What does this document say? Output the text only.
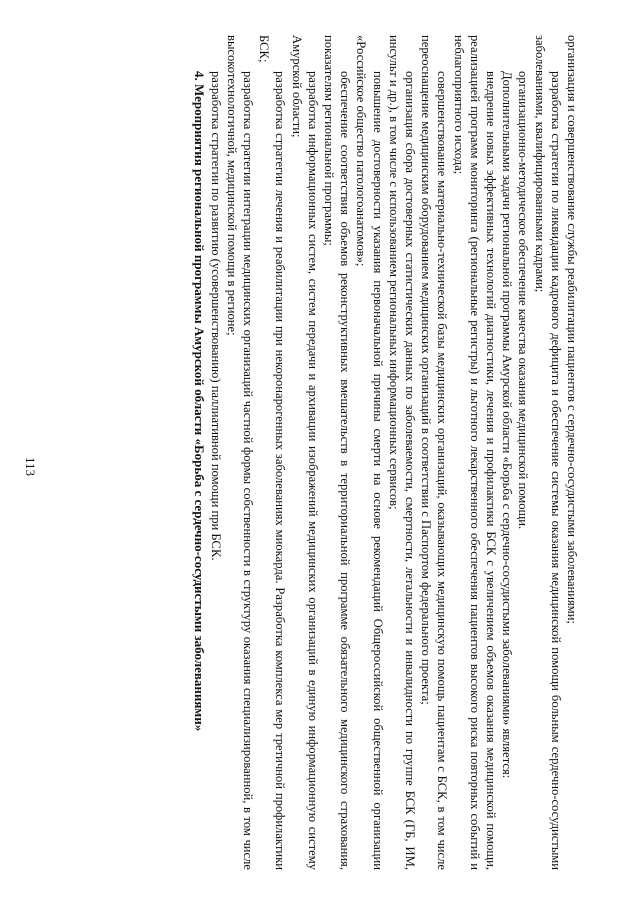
113	организация и совершенствование службы реабилитации пациентов с сердечно-сосудистыми заболеваниями;

разработка стратегии по ликвидации кадрового дефицита и обеспечение системы оказания медицинской помощи больным сердечно-сосудистыми заболеваниями, квалифицированными кадрами;

организационно-методическое обеспечение качества оказания медицинской помощи.

Дополнительными задачи региональной программы Амурской области «Борьба с сердечно-сосудистыми заболеваниями» является:

внедрение новых эффективных технологий диагностики, лечения и профилактики БСК с увеличением объемов оказания медицинской помощи, реализацией программ мониторинга (региональные регистры) и льготного лекарственного обеспечения пациентов высокого риска повторных событий и неблагоприятного исхода;

совершенствование материально-технической базы медицинских организаций, оказывающих медицинскую помощь пациентам с БСК, в том числе переоснащение медицинским оборудованием медицинских организаций в соответствии с Паспортом федерального проекта;

организация сбора достоверных статистических данных по заболеваемости, смертности, летальности и инвалидности по группе БСК (ГБ, ИМ, инсульт и др.), в том числе с использованием региональных информационных сервисов;

повышение достоверности указания первоначальной причины смерти на основе рекомендаций Общероссийской общественной организации «Российское общество патологоанатомов»;

обеспечение соответствия объемов реконструктивных вмешательств в территориальной программе обязательного медицинского страхования, показателям региональной программы;

разработка информационных систем, систем передачи и архивации изображений медицинских организаций в единую информационную систему Амурской области;

разработка стратегии лечения и реабилитации при некоронарогенных заболеваниях миокарда. Разработка комплекса мер третичной профилактики БСК;

разработка стратегии интеграции медицинских организаций частной формы собственности в структуру оказания специализированной, в том числе высокотехнологичной, медицинской помощи в регионе;

разработка стратегии по развитию (усовершенствованию) паллиативной помощи при БСК.

4. Мероприятия региональной программы Амурской области «Борьба с сердечно-сосудистыми заболеваниями»
